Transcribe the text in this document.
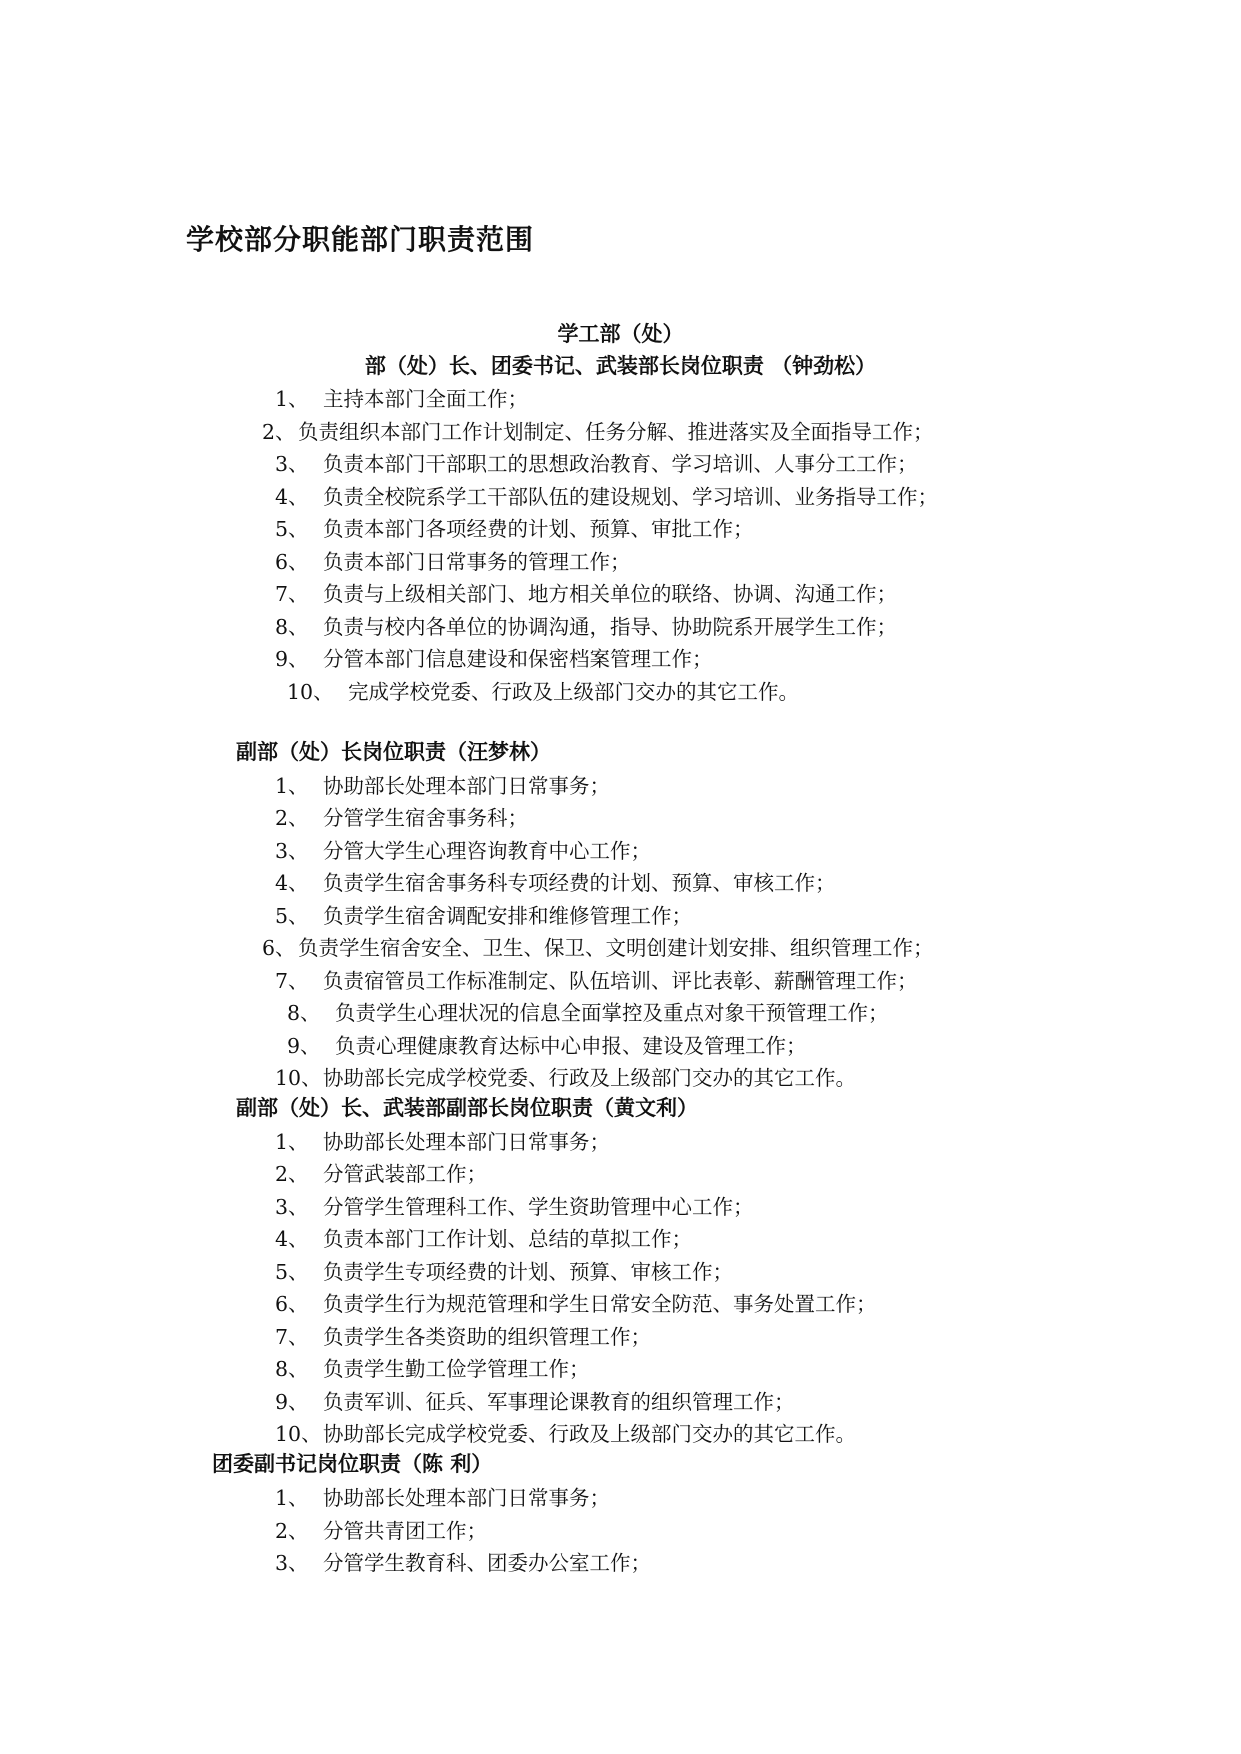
学校部分职能部门职责范围
学工部（处）
部（处）长、团委书记、武装部长岗位职责 （钟劲松）
1、 主持本部门全面工作；
2、 负责组织本部门工作计划制定、任务分解、推进落实及全面指导工作；
3、 负责本部门干部职工的思想政治教育、学习培训、人事分工工作；
4、 负责全校院系学工干部队伍的建设规划、学习培训、业务指导工作；
5、 负责本部门各项经费的计划、预算、审批工作；
6、 负责本部门日常事务的管理工作；
7、 负责与上级相关部门、地方相关单位的联络、协调、沟通工作；
8、 负责与校内各单位的协调沟通，指导、协助院系开展学生工作；
9、 分管本部门信息建设和保密档案管理工作；
10、 完成学校党委、行政及上级部门交办的其它工作。
副部（处）长岗位职责（汪梦林）
1、 协助部长处理本部门日常事务；
2、 分管学生宿舍事务科；
3、 分管大学生心理咨询教育中心工作；
4、 负责学生宿舍事务科专项经费的计划、预算、审核工作；
5、 负责学生宿舍调配安排和维修管理工作；
6、 负责学生宿舍安全、卫生、保卫、文明创建计划安排、组织管理工作；
7、 负责宿管员工作标准制定、队伍培训、评比表彰、薪酬管理工作；
8、 负责学生心理状况的信息全面掌控及重点对象干预管理工作；
9、 负责心理健康教育达标中心申报、建设及管理工作；
10、 协助部长完成学校党委、行政及上级部门交办的其它工作。
副部（处）长、武装部副部长岗位职责（黄文利）
1、 协助部长处理本部门日常事务；
2、 分管武装部工作；
3、 分管学生管理科工作、学生资助管理中心工作；
4、 负责本部门工作计划、总结的草拟工作；
5、 负责学生专项经费的计划、预算、审核工作；
6、 负责学生行为规范管理和学生日常安全防范、事务处置工作；
7、 负责学生各类资助的组织管理工作；
8、 负责学生勤工俭学管理工作；
9、 负责军训、征兵、军事理论课教育的组织管理工作；
10、 协助部长完成学校党委、行政及上级部门交办的其它工作。
团委副书记岗位职责（陈 利）
1、 协助部长处理本部门日常事务；
2、 分管共青团工作；
3、 分管学生教育科、团委办公室工作；
